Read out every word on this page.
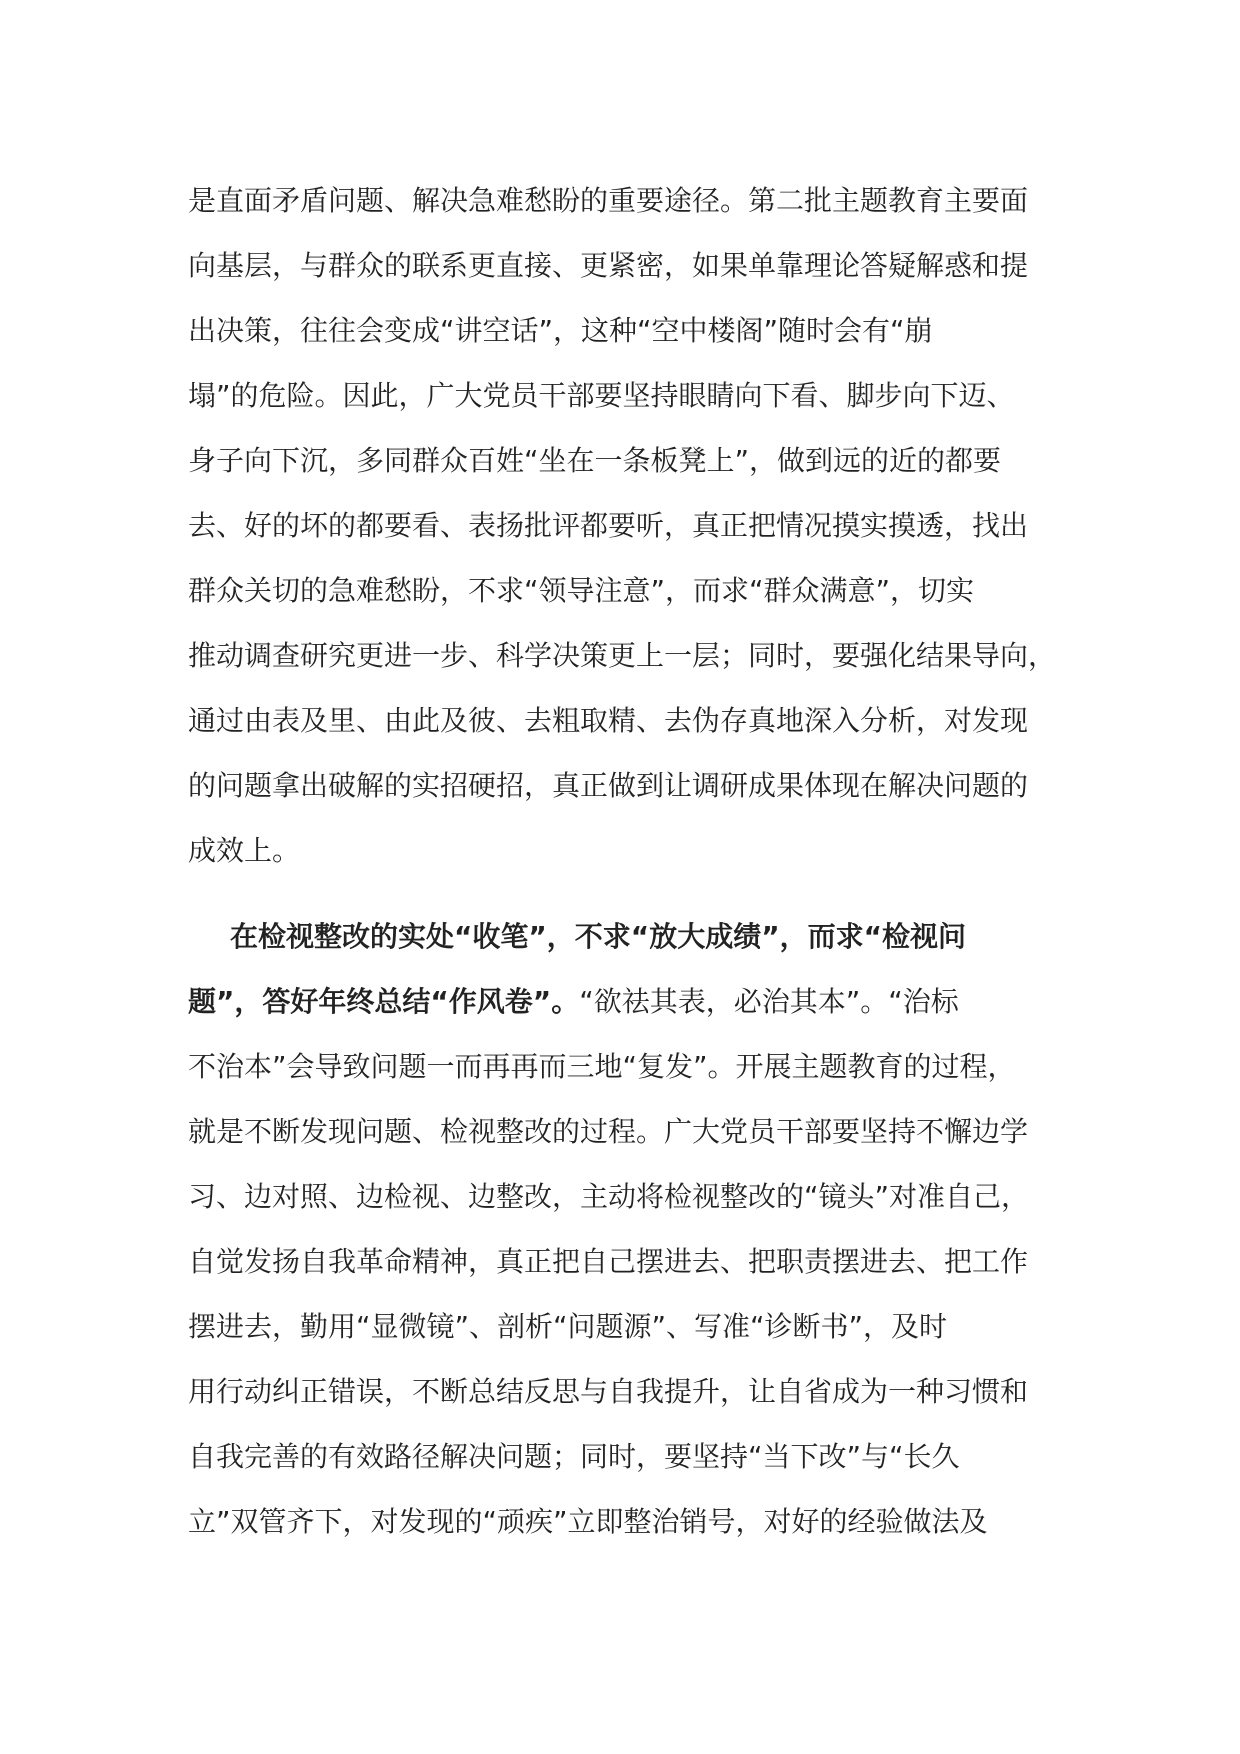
是直面矛盾问题、解决急难愁盼的重要途径。第二批主题教育主要面
向基层，与群众的联系更直接、更紧密，如果单靠理论答疑解惑和提
出决策，往往会变成“讲空话”，这种“空中楼阁”随时会有“崩
塌”的危险。因此，广大党员干部要坚持眼睛向下看、脚步向下迈、
身子向下沉，多同群众百姓“坐在一条板凳上”，做到远的近的都要
去、好的坏的都要看、表扬批评都要听，真正把情况摸实摸透，找出
群众关切的急难愁盼，不求“领导注意”，而求“群众满意”，切实
推动调查研究更进一步、科学决策更上一层；同时，要强化结果导向，
通过由表及里、由此及彼、去粗取精、去伪存真地深入分析，对发现
的问题拿出破解的实招硬招，真正做到让调研成果体现在解决问题的
成效上。
在检视整改的实处“收笔”，不求“放大成绩”，而求“检视问
题”，答好年终总结“作风卷”。“欲祛其表，必治其本”。“治标
不治本”会导致问题一而再再而三地“复发”。开展主题教育的过程，
就是不断发现问题、检视整改的过程。广大党员干部要坚持不懈边学
习、边对照、边检视、边整改，主动将检视整改的“镜头”对准自己，
自觉发扬自我革命精神，真正把自己摆进去、把职责摆进去、把工作
摆进去，勤用“显微镜”、剖析“问题源”、写准“诊断书”，及时
用行动纠正错误，不断总结反思与自我提升，让自省成为一种习惯和
自我完善的有效路径解决问题；同时，要坚持“当下改”与“长久
立”双管齐下，对发现的“顽疾”立即整治销号，对好的经验做法及
